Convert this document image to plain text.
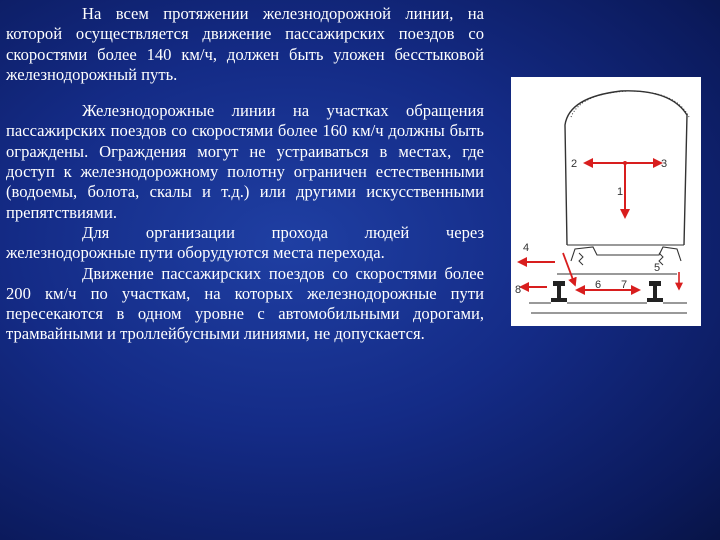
На всем протяжении железнодорожной линии, на которой осуществляется движение пассажирских поездов со скоростями более 140 км/ч, должен быть уложен бесстыковой железнодорожный путь.

Железнодорожные линии на участках обращения пассажирских поездов со скоростями более 160 км/ч должны быть ограждены. Ограждения могут не устраиваться в местах, где доступ к железнодорожному полотну ограничен естественными (водоемы, болота, скалы и т.д.) или другими искусственными препятствиями.

Для организации прохода людей через железнодорожные пути оборудуются места перехода.

Движение пассажирских поездов со скоростями более 200 км/ч по участкам, на которых железнодорожные пути пересекаются в одном уровне с автомобильными дорогами, трамвайными и троллейбусными линиями, не допускается.

2	3
1
4
5
6 7
8
